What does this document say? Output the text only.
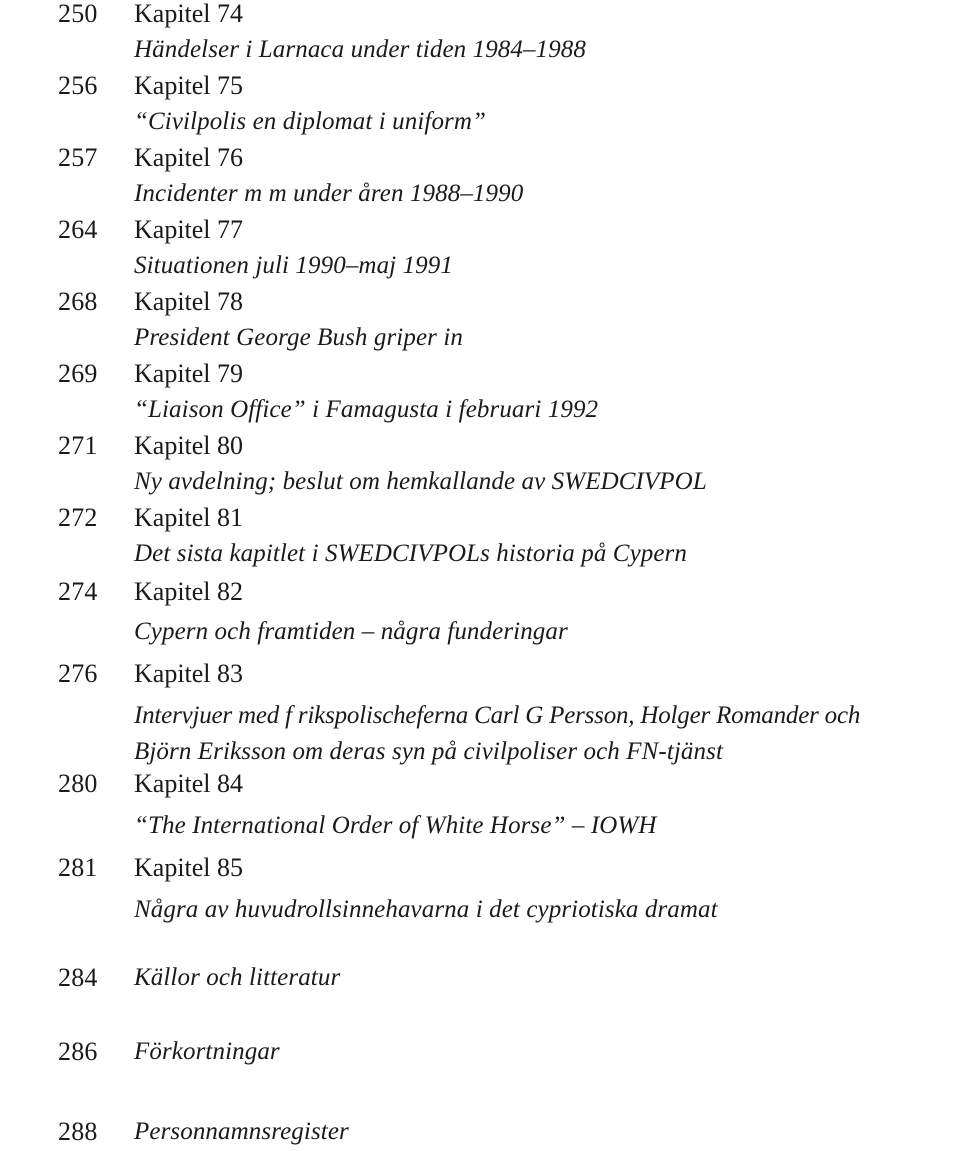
250 Kapitel 74
Händelser i Larnaca under tiden 1984–1988
256 Kapitel 75
“Civilpolis en diplomat i uniform”
257 Kapitel 76
Incidenter m m under åren 1988–1990
264 Kapitel 77
Situationen juli 1990–maj 1991
268 Kapitel 78
President George Bush griper in
269 Kapitel 79
“Liaison Office” i Famagusta i februari 1992
271 Kapitel 80
Ny avdelning; beslut om hemkallande av SWEDCIVPOL
272 Kapitel 81
Det sista kapitlet i SWEDCIVPOLs historia på Cypern
274 Kapitel 82
Cypern och framtiden – några funderingar
276 Kapitel 83
Intervjuer med f rikspolischeferna Carl G Persson, Holger Romander och
Björn Eriksson om deras syn på civilpoliser och FN-tjänst
280 Kapitel 84
“The International Order of White Horse” – IOWH
281 Kapitel 85
Några av huvudrollsinnehavarna i det cypriotiska dramat
284 Källor och litteratur
286 Förkortningar
288 Personnamnsregister
